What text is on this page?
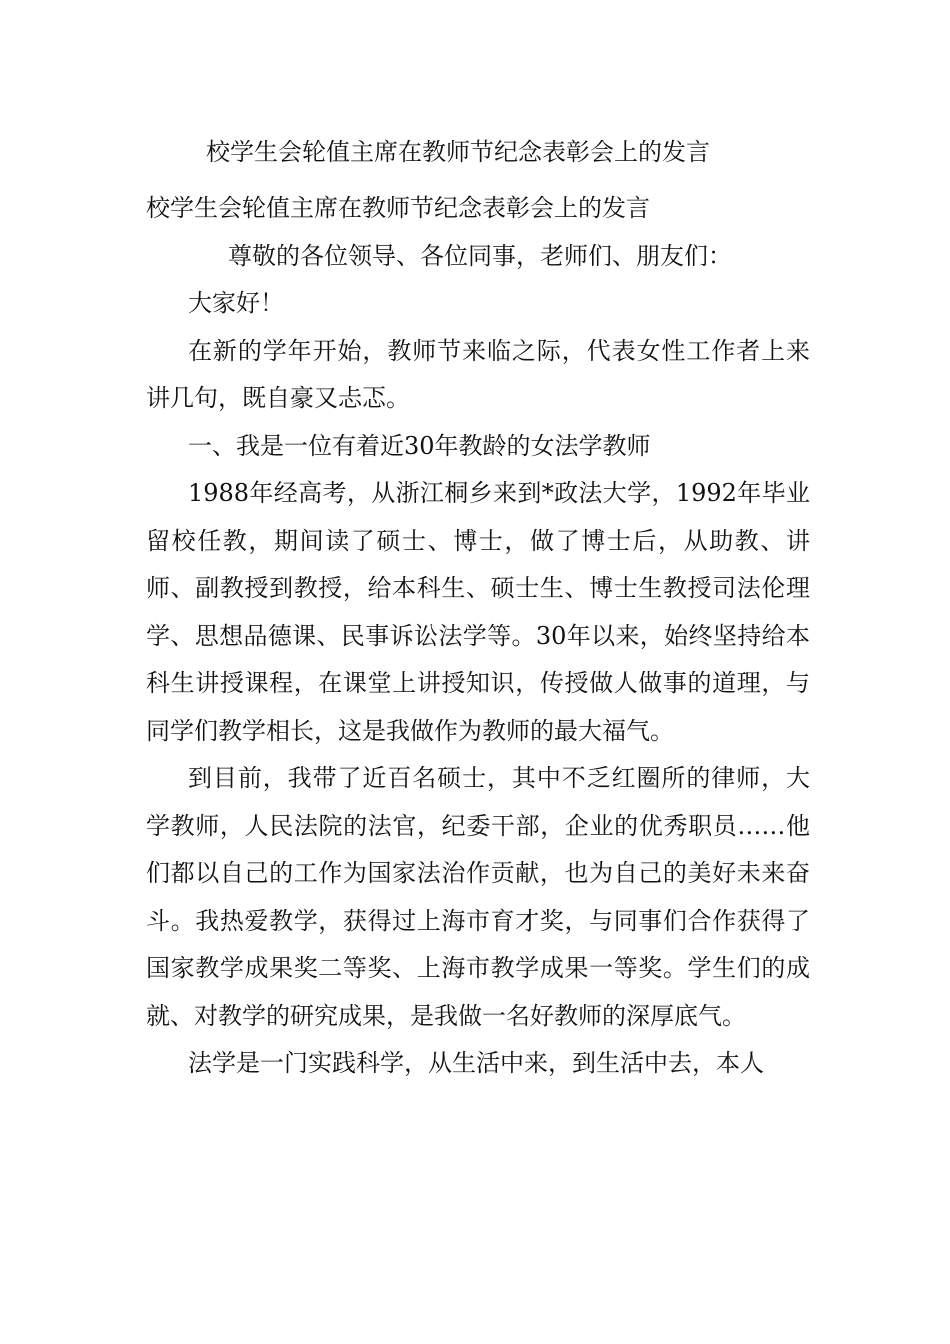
校学生会轮值主席在教师节纪念表彰会上的发言

校学生会轮值主席在教师节纪念表彰会上的发言

尊敬的各位领导、各位同事，老师们、朋友们：

大家好！

在新的学年开始，教师节来临之际，代表女性工作者上来讲几句，既自豪又忐忑。

一、我是一位有着近30年教龄的女法学教师

1988年经高考，从浙江桐乡来到*政法大学，1992年毕业留校任教，期间读了硕士、博士，做了博士后，从助教、讲师、副教授到教授，给本科生、硕士生、博士生教授司法伦理学、思想品德课、民事诉讼法学等。30年以来，始终坚持给本科生讲授课程，在课堂上讲授知识，传授做人做事的道理，与同学们教学相长，这是我做作为教师的最大福气。

到目前，我带了近百名硕士，其中不乏红圈所的律师，大学教师，人民法院的法官，纪委干部，企业的优秀职员……他们都以自己的工作为国家法治作贡献，也为自己的美好未来奋斗。我热爱教学，获得过上海市育才奖，与同事们合作获得了国家教学成果奖二等奖、上海市教学成果一等奖。学生们的成就、对教学的研究成果，是我做一名好教师的深厚底气。

法学是一门实践科学，从生活中来，到生活中去，本人
